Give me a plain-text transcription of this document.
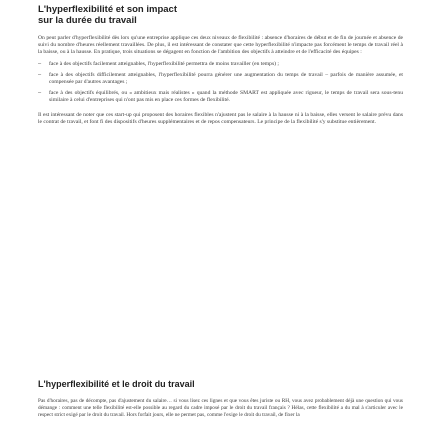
L'hyperflexibilité et son impact
sur la durée du travail

On peut parler d'hyperflexibilité dès lors qu'une entreprise applique ces deux niveaux de flexibilité : absence d'horaires de début et de fin de journée et absence de suivi du nombre d'heures réellement travaillées. De plus, il est intéressant de constater que cette hyperflexibilité n'impacte pas forcément le temps de travail réel à la baisse, ou à la hausse. En pratique, trois situations se dégagent en fonction de l'ambition des objectifs à atteindre et de l'efficacité des équipes :

– face à des objectifs facilement atteignables, l'hyperflexibilité permettra de moins travailler (en temps) ;
– face à des objectifs difficilement atteignables, l'hyperflexibilité pourra générer une augmentation du temps de travail – parfois de manière assumée, et compensée par d'autres avantages ;
– face à des objectifs équilibrés, ou « ambitieux mais réalistes » quand la méthode SMART est appliquée avec rigueur, le temps de travail sera sous-tenu similaire à celui d'entreprises qui n'ont pas mis en place ces formes de flexibilité.

Il est intéressant de noter que ces start-up qui proposent des horaires flexibles n'ajustent pas le salaire à la hausse ni à la baisse, elles versent le salaire prévu dans le contrat de travail, et font fi des dispositifs d'heures supplémentaires et de repos compensateurs. Le principe de la flexibilité s'y substitue entièrement.

L'hyperflexibilité et le droit du travail

Pas d'horaires, pas de décompte, pas d'ajustement du salaire… si vous lisez ces lignes et que vous êtes juriste ou RH, vous avez probablement déjà une question qui vous démange : comment une telle flexibilité est-elle possible au regard du cadre imposé par le droit du travail français ? Hélas, cette flexibilité a du mal à s'articuler avec le respect strict exigé par le droit du travail. Hors forfait jours, elle ne permet pas, comme l'exige le droit du travail, de fixer la
